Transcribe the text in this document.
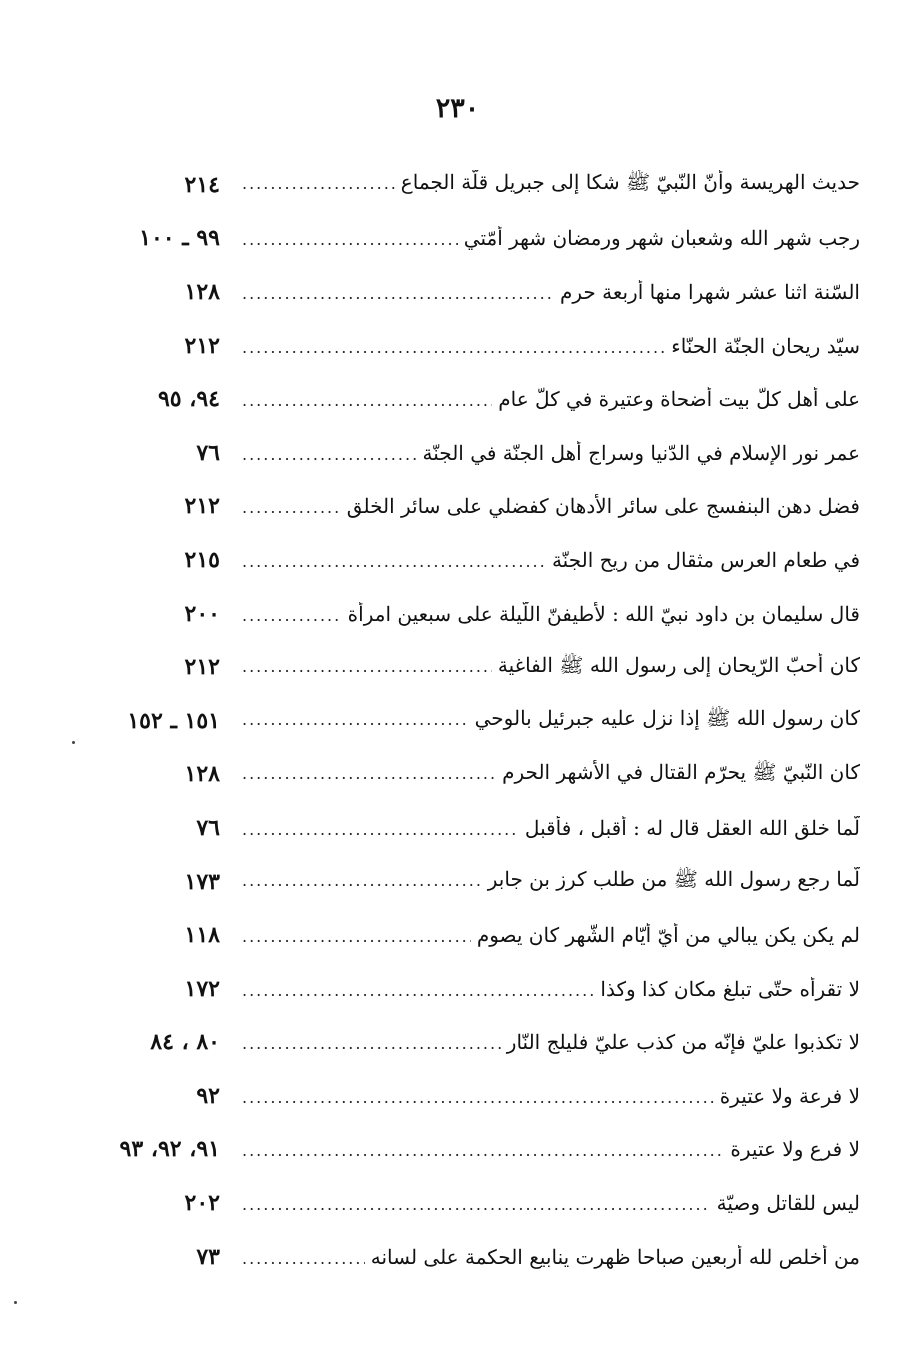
٢٣٠
٢١٤	حديث الهريسة وأنّ النّبيّ ﷺ شكا إلى جبريل قلّة الجماع
.....
٩٩ ـ ١٠٠	رجب شهر الله وشعبان شهر ورمضان شهر أمّتي
.....
١٢٨	السّنة اثنا عشر شهرا منها أربعة حرم
.....
٢١٢	سيّد ريحان الجنّة الحنّاء
.....
٩٤، ٩٥	على أهل كلّ بيت أضحاة وعتيرة في كلّ عام
.....
٧٦	عمر نور الإسلام في الدّنيا وسراج أهل الجنّة في الجنّة
.....
٢١٢	فضل دهن البنفسج على سائر الأدهان كفضلي على سائر الخلق
.....
٢١٥	في طعام العرس مثقال من ريح الجنّة
.....
٢٠٠	قال سليمان بن داود نبيّ الله : لأطيفنّ اللّيلة على سبعين امرأة
.....
٢١٢	كان أحبّ الرّيحان إلى رسول الله ﷺ الفاغية
.....
١٥١ ـ ١٥٢	كان رسول الله ﷺ إذا نزل عليه جبرئيل بالوحي
.....
١٢٨	كان النّبيّ ﷺ يحرّم القتال في الأشهر الحرم
.....
٧٦	لّما خلق الله العقل قال له : أقبل ، فأقبل
.....
١٧٣	لّما رجع رسول الله ﷺ من طلب كرز بن جابر
.....
١١٨	لم يكن يكن يبالي من أيّ أيّام الشّهر كان يصوم
.....
١٧٢	لا تقرأه حتّى تبلغ مكان كذا وكذا
.....
٨٠ ، ٨٤	لا تكذبوا عليّ فإنّه من كذب عليّ فليلج النّار
.....
٩٢	لا فرعة ولا عتيرة
.....
٩١، ٩٢، ٩٣	لا فرع ولا عتيرة
.....
٢٠٢	ليس للقاتل وصيّة
.....
٧٣	من أخلص لله أربعين صباحا ظهرت ينابيع الحكمة على لسانه
.....
